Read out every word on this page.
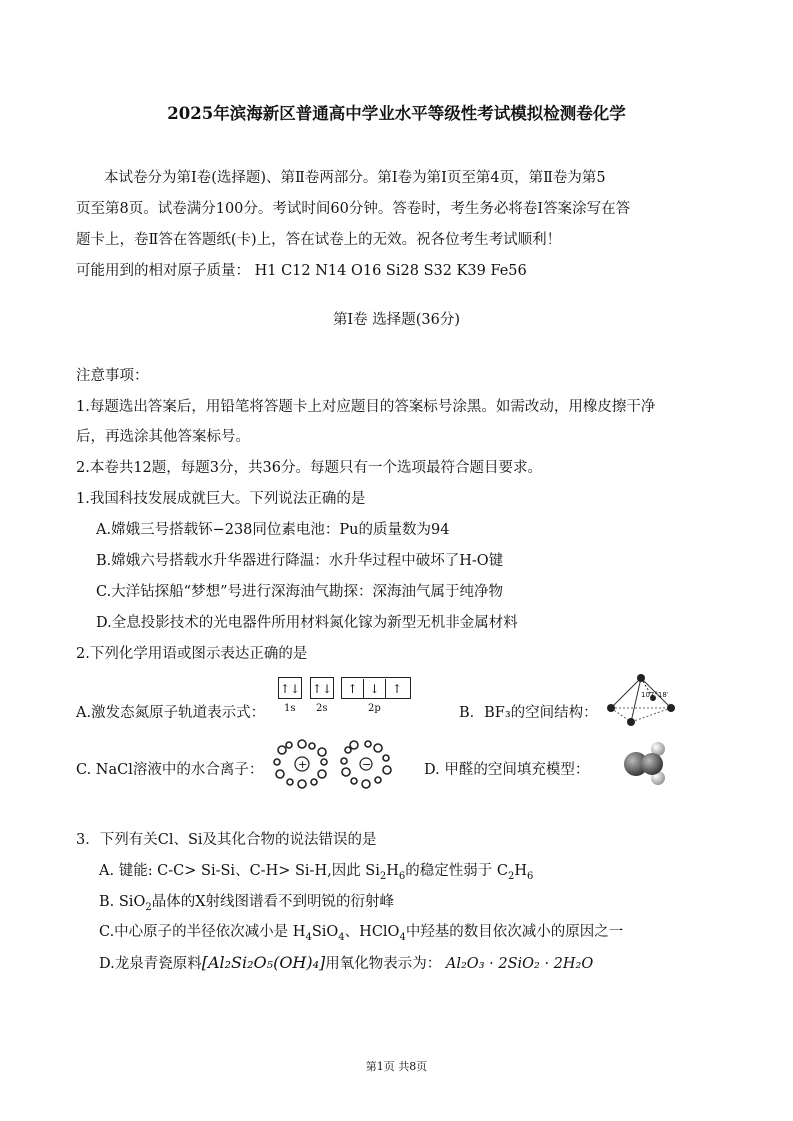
2025年滨海新区普通高中学业水平等级性考试模拟检测卷化学
本试卷分为第Ⅰ卷(选择题)、第Ⅱ卷两部分。第Ⅰ卷为第Ⅰ页至第4页，第Ⅱ卷为第5
页至第8页。试卷满分100分。考试时间60分钟。答卷时，考生务必将卷Ⅰ答案涂写在答
题卡上，卷Ⅱ答在答题纸(卡)上，答在试卷上的无效。祝各位考生考试顺利！
可能用到的相对原子质量： H1 C12 N14 O16 Si28 S32 K39 Fe56
第Ⅰ卷 选择题(36分)
注意事项：
1.每题选出答案后，用铅笔将答题卡上对应题目的答案标号涂黑。如需改动，用橡皮擦干净
后，再选涂其他答案标号。
2.本卷共12题，每题3分，共36分。每题只有一个选项最符合题目要求。
1.我国科技发展成就巨大。下列说法正确的是
A.嫦娥三号搭载钚−238同位素电池：Pu的质量数为94
B.嫦娥六号搭载水升华器进行降温：水升华过程中破坏了H-O键
C.大洋钻探船“梦想”号进行深海油气勘探：深海油气属于纯净物
D.全息投影技术的光电器件所用材料氮化镓为新型无机非金属材料
2.下列化学用语或图示表达正确的是
A.激发态氮原子轨道表示式：
↑↓ ↑↓	↑ ↓ ↑
1s 2s	2p	B．BF₃的空间结构：
107°18′
C. NaCl溶液中的水合离子：	+	−	D. 甲醛的空间填充模型：
3．下列有关Cl、Si及其化合物的说法错误的是
A. 键能: C-C> Si-Si、C-H> Si-H,因此 $Si_2H_6$的稳定性弱于 $C_2H_6$
B. SiO$_2$晶体的X射线图谱看不到明锐的衍射峰
C.中心原子的半径依次减小是 $H_4SiO_4$、HClO$_4$中羟基的数目依次减小的原因之一
D.龙泉青瓷原料[Al₂Si₂O₅(OH)₄]用氧化物表示为： Al₂O₃ · 2SiO₂ · 2H₂O
第1页 共8页
